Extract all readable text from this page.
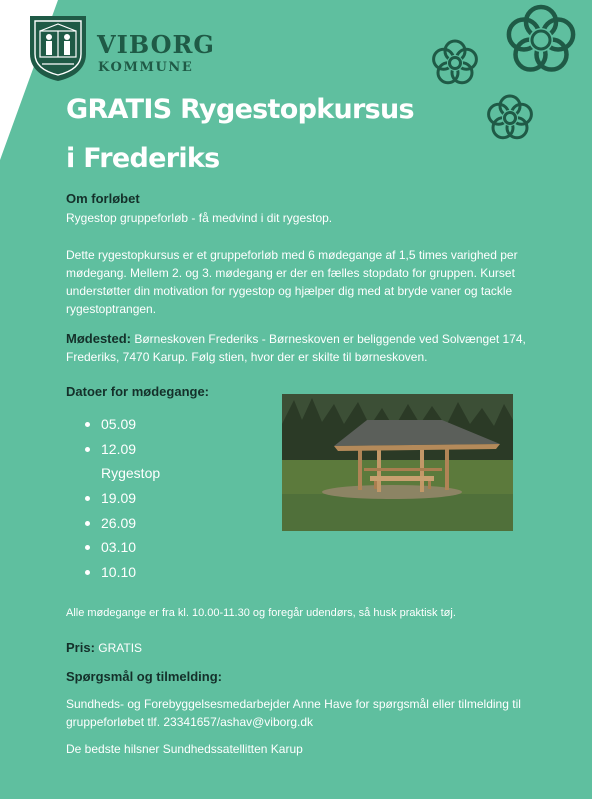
VIBORG
KOMMUNE
GRATIS Rygestopkursus
i Frederiks
Om forløbet

Rygestop gruppeforløb - få medvind i dit rygestop.

Dette rygestopkursus er et gruppeforløb med 6 mødegange af 1,5 times varighed per mødegang. Mellem 2. og 3. mødegang er der en fælles stopdato for gruppen. Kurset understøtter din motivation for rygestop og hjælper dig med at bryde vaner og tackle rygestoptrangen.

Mødested: Børneskoven Frederiks - Børneskoven er beliggende ved Solvænget 174, Frederiks, 7470 Karup. Følg stien, hvor der er skilte til børneskoven.

Datoer for mødegange:
05.09
12.09
Rygestop
19.09
26.09
03.10
10.10

Alle mødegange er fra kl. 10.00-11.30 og foregår udendørs, så husk praktisk tøj.

Pris: GRATIS

Spørgsmål og tilmelding:

Sundheds- og Forebyggelsesmedarbejder Anne Have for spørgsmål eller tilmelding til gruppeforløbet tlf. 23341657/ashav@viborg.dk

De bedste hilsner Sundhedssatellitten Karup
